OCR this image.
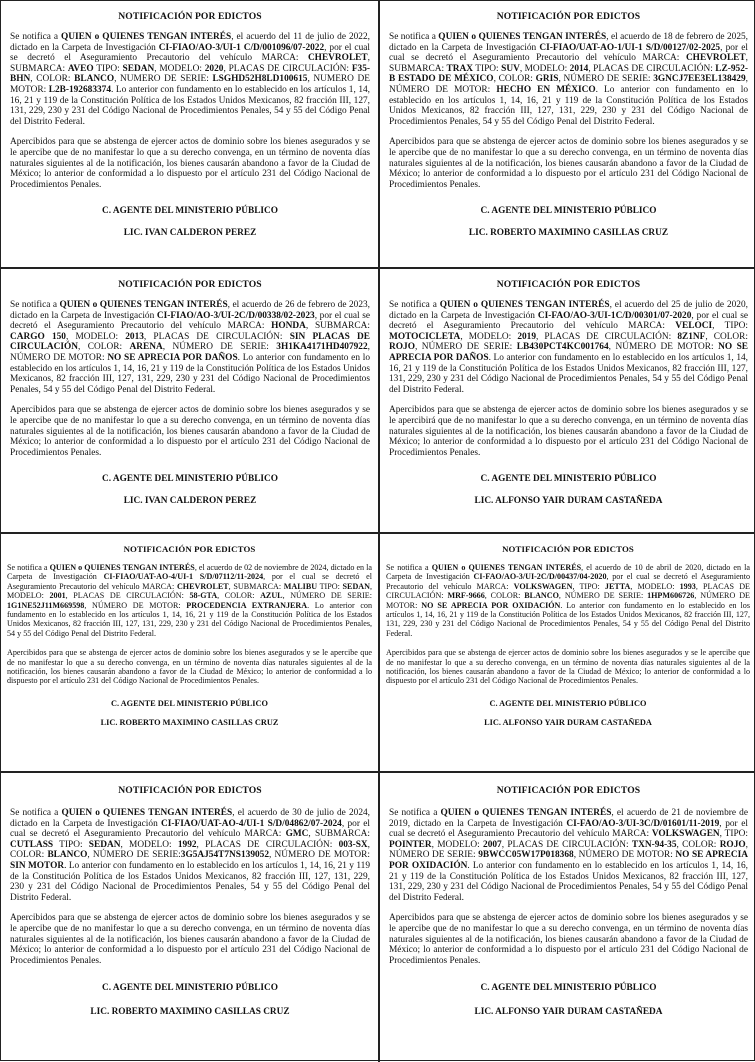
NOTIFICACIÓN POR EDICTOS

Se notifica a QUIEN o QUIENES TENGAN INTERÉS, el acuerdo del 11 de julio de 2022, dictado en la Carpeta de Investigación CI-FIAO/AO-3/UI-1 C/D/001096/07-2022, por el cual se decretó el Aseguramiento Precautorio del vehículo MARCA: CHEVROLET, SUBMARCA: AVEO TIPO: SEDAN, MODELO: 2020, PLACAS DE CIRCULACIÓN: F35-BHN, COLOR: BLANCO, NUMERO DE SERIE: LSGHD52H8LD100615, NUMERO DE MOTOR: L2B-192683374. Lo anterior con fundamento en lo establecido en los artículos 1, 14, 16, 21 y 119 de la Constitución Política de los Estados Unidos Mexicanos, 82 fracción III, 127, 131, 229, 230 y 231 del Código Nacional de Procedimientos Penales, 54 y 55 del Código Penal del Distrito Federal.

Apercibidos para que se abstenga de ejercer actos de dominio sobre los bienes asegurados y se le apercibe que de no manifestar lo que a su derecho convenga, en un término de noventa días naturales siguientes al de la notificación, los bienes causarán abandono a favor de la Ciudad de México; lo anterior de conformidad a lo dispuesto por el artículo 231 del Código Nacional de Procedimientos Penales.

C. AGENTE DEL MINISTERIO PÚBLICO
LIC. IVAN CALDERON PEREZ
NOTIFICACIÓN POR EDICTOS

Se notifica a QUIEN o QUIENES TENGAN INTERÉS, el acuerdo de 18 de febrero de 2025, dictado en la Carpeta de Investigación CI-FIAO/UAT-AO-1/UI-1 S/D/00127/02-2025, por el cual se decretó el Aseguramiento Precautorio del vehículo MARCA: CHEVROLET, SUBMARCA: TRAX TIPO: SUV, MODELO: 2014, PLACAS DE CIRCULACIÓN: LZ-952-B ESTADO DE MÉXICO, COLOR: GRIS, NÚMERO DE SERIE: 3GNCJ7EE3EL138429, NÚMERO DE MOTOR: HECHO EN MÉXICO. Lo anterior con fundamento en lo establecido en los artículos 1, 14, 16, 21 y 119 de la Constitución Política de los Estados Unidos Mexicanos, 82 fracción III, 127, 131, 229, 230 y 231 del Código Nacional de Procedimientos Penales, 54 y 55 del Código Penal del Distrito Federal.

Apercibidos para que se abstenga de ejercer actos de dominio sobre los bienes asegurados y se le apercibe que de no manifestar lo que a su derecho convenga, en un término de noventa días naturales siguientes al de la notificación, los bienes causarán abandono a favor de la Ciudad de México; lo anterior de conformidad a lo dispuesto por el artículo 231 del Código Nacional de Procedimientos Penales.

C. AGENTE DEL MINISTERIO PÚBLICO
LIC. ROBERTO MAXIMINO CASILLAS CRUZ
NOTIFICACIÓN POR EDICTOS

Se notifica a QUIEN o QUIENES TENGAN INTERÉS, el acuerdo de 26 de febrero de 2023, dictado en la Carpeta de Investigación CI-FIAO/AO-3/UI-2C/D/00338/02-2023, por el cual se decretó el Aseguramiento Precautorio del vehículo MARCA: HONDA, SUBMARCA: CARGO 150, MODELO: 2013, PLACAS DE CIRCULACIÓN: SIN PLACAS DE CIRCULACIÓN, COLOR: ARENA, NÚMERO DE SERIE: 3H1KA4171HD407922, NÚMERO DE MOTOR: NO SE APRECIA POR DAÑOS. Lo anterior con fundamento en lo establecido en los artículos 1, 14, 16, 21 y 119 de la Constitución Política de los Estados Unidos Mexicanos, 82 fracción III, 127, 131, 229, 230 y 231 del Código Nacional de Procedimientos Penales, 54 y 55 del Código Penal del Distrito Federal.

Apercibidos para que se abstenga de ejercer actos de dominio sobre los bienes asegurados y se le apercibe que de no manifestar lo que a su derecho convenga, en un término de noventa días naturales siguientes al de la notificación, los bienes causarán abandono a favor de la Ciudad de México; lo anterior de conformidad a lo dispuesto por el artículo 231 del Código Nacional de Procedimientos Penales.

C. AGENTE DEL MINISTERIO PÚBLICO
LIC. IVAN CALDERON PEREZ
NOTIFICACIÓN POR EDICTOS

Se notifica a QUIEN o QUIENES TENGAN INTERÉS, el acuerdo del 25 de julio de 2020, dictado en la Carpeta de Investigación CI-FAO/AO-3/UI-1C/D/00301/07-2020, por el cual se decretó el Aseguramiento Precautorio del vehículo MARCA: VELOCI, TIPO: MOTOCICLETA, MODELO: 2019, PLACAS DE CIRCULACIÓN: 8Z1NF, COLOR: ROJO, NÚMERO DE SERIE: LB430PCT4KC001764, NÚMERO DE MOTOR: NO SE APRECIA POR DAÑOS. Lo anterior con fundamento en lo establecido en los artículos 1, 14, 16, 21 y 119 de la Constitución Política de los Estados Unidos Mexicanos, 82 fracción III, 127, 131, 229, 230 y 231 del Código Nacional de Procedimientos Penales, 54 y 55 del Código Penal del Distrito Federal.

Apercibidos para que se abstenga de ejercer actos de dominio sobre los bienes asegurados y se le apercibirá que de no manifestar lo que a su derecho convenga, en un término de noventa días naturales siguientes al de la notificación, los bienes causarán abandono a favor de la Ciudad de México; lo anterior de conformidad a lo dispuesto por el artículo 231 del Código Nacional de Procedimientos Penales.

C. AGENTE DEL MINISTERIO PÚBLICO
LIC. ALFONSO YAIR DURAM CASTAÑEDA
NOTIFICACIÓN POR EDICTOS

Se notifica a QUIEN o QUIENES TENGAN INTERÉS, el acuerdo de 02 de noviembre de 2024, dictado en la Carpeta de Investigación CI-FIAO/UAT-AO-4/UI-1 S/D/07112/11-2024, por el cual se decretó el Aseguramiento Precautorio del vehículo MARCA: CHEVROLET, SUBMARCA: MALIBU TIPO: SEDAN, MODELO: 2001, PLACAS DE CIRCULACIÓN: 58-GTA, COLOR: AZUL, NÚMERO DE SERIE: 1G1NE52J11M669598, NÚMERO DE MOTOR: PROCEDENCIA EXTRANJERA. Lo anterior con fundamento en lo establecido en los artículos 1, 14, 16, 21 y 119 de la Constitución Política de los Estados Unidos Mexicanos, 82 fracción III, 127, 131, 229, 230 y 231 del Código Nacional de Procedimientos Penales, 54 y 55 del Código Penal del Distrito Federal.

Apercibidos para que se abstenga de ejercer actos de dominio sobre los bienes asegurados y se le apercibe que de no manifestar lo que a su derecho convenga, en un término de noventa días naturales siguientes al de la notificación, los bienes causarán abandono a favor de la Ciudad de México; lo anterior de conformidad a lo dispuesto por el artículo 231 del Código Nacional de Procedimientos Penales.

C. AGENTE DEL MINISTERIO PÚBLICO
LIC. ROBERTO MAXIMINO CASILLAS CRUZ
NOTIFICACIÓN POR EDICTOS

Se notifica a QUIEN o QUIENES TENGAN INTERÉS, el acuerdo de 10 de abril de 2020, dictado en la Carpeta de Investigación CI-FAO/AO-3/UI-2C/D/00437/04-2020, por el cual se decretó el Aseguramiento Precautorio del vehículo MARCA: VOLKSWAGEN, TIPO: JETTA, MODELO: 1993, PLACAS DE CIRCULACIÓN: MRF-9666, COLOR: BLANCO, NÚMERO DE SERIE: 1HPM606726, NÚMERO DE MOTOR: NO SE APRECIA POR OXIDACIÓN. Lo anterior con fundamento en lo establecido en los artículos 1, 14, 16, 21 y 119 de la Constitución Política de los Estados Unidos Mexicanos, 82 fracción III, 127, 131, 229, 230 y 231 del Código Nacional de Procedimientos Penales, 54 y 55 del Código Penal del Distrito Federal.

Apercibidos para que se abstenga de ejercer actos de dominio sobre los bienes asegurados y se le apercibe que de no manifestar lo que a su derecho convenga, en un término de noventa días naturales siguientes al de la notificación, los bienes causarán abandono a favor de la Ciudad de México; lo anterior de conformidad a lo dispuesto por el artículo 231 del Código Nacional de Procedimientos Penales.

C. AGENTE DEL MINISTERIO PÚBLICO
LIC. ALFONSO YAIR DURAM CASTAÑEDA
NOTIFICACIÓN POR EDICTOS

Se notifica a QUIEN o QUIENES TENGAN INTERÉS, el acuerdo de 30 de julio de 2024, dictado en la Carpeta de Investigación CI-FIAO/UAT-AO-4/UI-1 S/D/04862/07-2024, por el cual se decretó el Aseguramiento Precautorio del vehículo MARCA: GMC, SUBMARCA: CUTLASS TIPO: SEDAN, MODELO: 1992, PLACAS DE CIRCULACIÓN: 003-SX, COLOR: BLANCO, NÚMERO DE SERIE:3G5AJ54T7NS139052, NÚMERO DE MOTOR: SIN MOTOR. Lo anterior con fundamento en lo establecido en los artículos 1, 14, 16, 21 y 119 de la Constitución Política de los Estados Unidos Mexicanos, 82 fracción III, 127, 131, 229, 230 y 231 del Código Nacional de Procedimientos Penales, 54 y 55 del Código Penal del Distrito Federal.

Apercibidos para que se abstenga de ejercer actos de dominio sobre los bienes asegurados y se le apercibe que de no manifestar lo que a su derecho convenga, en un término de noventa días naturales siguientes al de la notificación, los bienes causarán abandono a favor de la Ciudad de México; lo anterior de conformidad a lo dispuesto por el artículo 231 del Código Nacional de Procedimientos Penales.

C. AGENTE DEL MINISTERIO PÚBLICO
LIC. ROBERTO MAXIMINO CASILLAS CRUZ
NOTIFICACIÓN POR EDICTOS

Se notifica a QUIEN o QUIENES TENGAN INTERÉS, el acuerdo de 21 de noviembre de 2019, dictado en la Carpeta de Investigación CI-FAO/AO-3/UI-3C/D/01601/11-2019, por el cual se decretó el Aseguramiento Precautorio del vehículo MARCA: VOLKSWAGEN, TIPO: POINTER, MODELO: 2007, PLACAS DE CIRCULACIÓN: TXN-94-35, COLOR: ROJO, NÚMERO DE SERIE: 9BWCC05W17P018368, NÚMERO DE MOTOR: NO SE APRECIA POR OXIDACIÓN. Lo anterior con fundamento en lo establecido en los artículos 1, 14, 16, 21 y 119 de la Constitución Política de los Estados Unidos Mexicanos, 82 fracción III, 127, 131, 229, 230 y 231 del Código Nacional de Procedimientos Penales, 54 y 55 del Código Penal del Distrito Federal.

Apercibidos para que se abstenga de ejercer actos de dominio sobre los bienes asegurados y se le apercibe que de no manifestar lo que a su derecho convenga, en un término de noventa días naturales siguientes al de la notificación, los bienes causarán abandono a favor de la Ciudad de México; lo anterior de conformidad a lo dispuesto por el artículo 231 del Código Nacional de Procedimientos Penales.

C. AGENTE DEL MINISTERIO PÚBLICO
LIC. ALFONSO YAIR DURAM CASTAÑEDA
